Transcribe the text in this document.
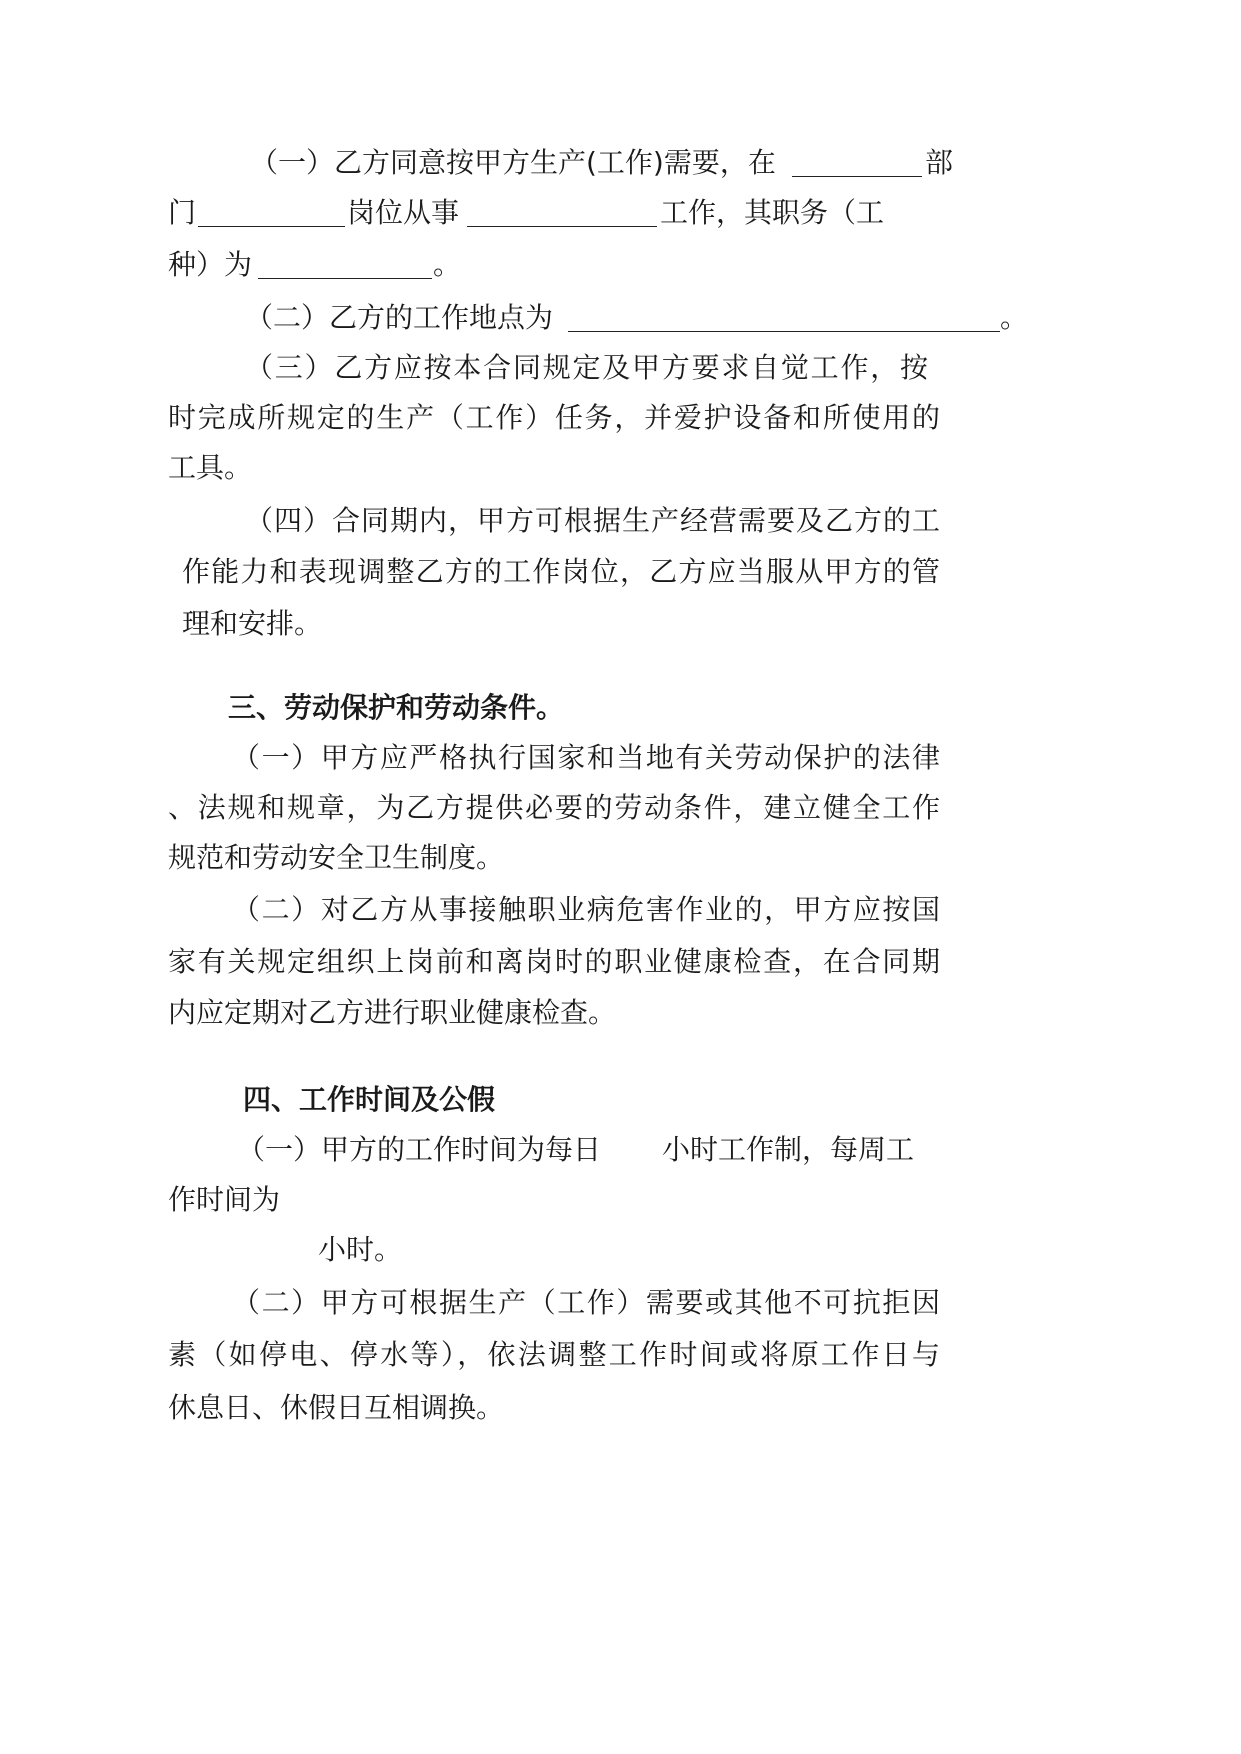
（一）乙方同意按甲方生产(工作)需要，在	部
门	岗位从事	工作，其职务（工
种）为	。
（二）乙方的工作地点为	。
（三）乙方应按本合同规定及甲方要求自觉工作，按
时完成所规定的生产（工作）任务，并爱护设备和所使用的
工具。
（四）合同期内，甲方可根据生产经营需要及乙方的工
作能力和表现调整乙方的工作岗位，乙方应当服从甲方的管
理和安排。
三、劳动保护和劳动条件。
（一）甲方应严格执行国家和当地有关劳动保护的法律
、法规和规章，为乙方提供必要的劳动条件，建立健全工作
规范和劳动安全卫生制度。
（二）对乙方从事接触职业病危害作业的，甲方应按国
家有关规定组织上岗前和离岗时的职业健康检查，在合同期
内应定期对乙方进行职业健康检查。
四、工作时间及公假
（一）甲方的工作时间为每日 小时工作制，每周工
作时间为
小时。
（二）甲方可根据生产（工作）需要或其他不可抗拒因
素（如停电、停水等），依法调整工作时间或将原工作日与
休息日、休假日互相调换。
